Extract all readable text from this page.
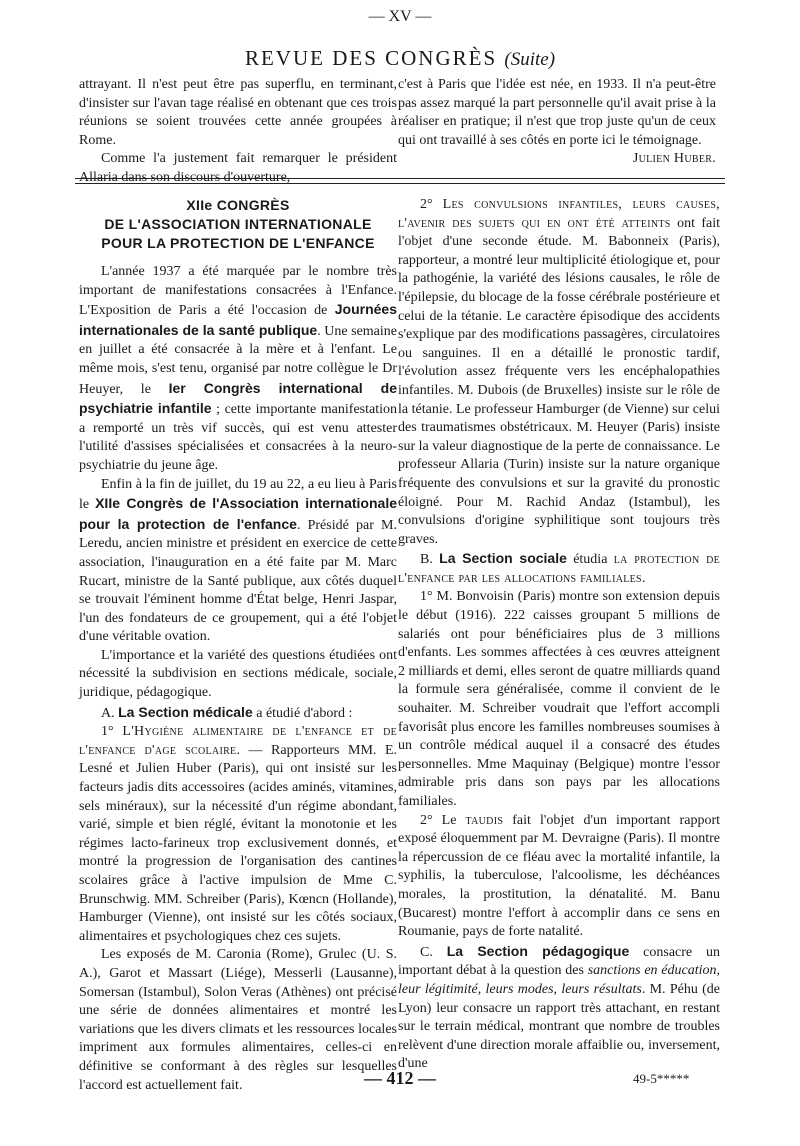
— XV —
REVUE DES CONGRÈS (Suite)

attrayant. Il n'est peut être pas superflu, en terminant, d'insister sur l'avan tage réalisé en obtenant que ces trois réunions se soient trouvées cette année groupées à Rome.

Comme l'a justement fait remarquer le président Allaria dans son discours d'ouverture,

c'est à Paris que l'idée est née, en 1933. Il n'a peut-être pas assez marqué la part personnelle qu'il avait prise à la réaliser en pratique; il n'est que trop juste qu'un de ceux qui ont travaillé à ses côtés en porte ici le témoignage.

Julien Huber.

XIIe CONGRÈS
DE L'ASSOCIATION INTERNATIONALE
POUR LA PROTECTION DE L'ENFANCE

L'année 1937 a été marquée par le nombre très important de manifestations consacrées à l'Enfance. L'Exposition de Paris a été l'occasion de Journées internationales de la santé publique. Une semaine en juillet a été consacrée à la mère et à l'enfant. Le même mois, s'est tenu, organisé par notre collègue le Dr Heuyer, le Ier Congrès international de psychiatrie infantile ; cette importante manifestation a remporté un très vif succès, qui est venu attester l'utilité d'assises spécialisées et consacrées à la neuro-psychiatrie du jeune âge.

Enfin à la fin de juillet, du 19 au 22, a eu lieu à Paris le XIIe Congrès de l'Association internationale pour la protection de l'enfance. Présidé par M. Leredu, ancien ministre et président en exercice de cette association, l'inauguration en a été faite par M. Marc Rucart, ministre de la Santé publique, aux côtés duquel se trouvait l'éminent homme d'État belge, Henri Jaspar, l'un des fondateurs de ce groupement, qui a été l'objet d'une véritable ovation.

L'importance et la variété des questions étudiées ont nécessité la subdivision en sections médicale, sociale, juridique, pédagogique.

A. La Section médicale a étudié d'abord :

1° L'Hygiène alimentaire de l'enfance et de l'enfance d'age scolaire. — Rapporteurs MM. E. Lesné et Julien Huber (Paris), qui ont insisté sur les facteurs jadis dits accessoires (acides aminés, vitamines, sels minéraux), sur la nécessité d'un régime abondant, varié, simple et bien réglé, évitant la monotonie et les régimes lacto-farineux trop exclusivement donnés, et montré la progression de l'organisation des cantines scolaires grâce à l'active impulsion de Mme C. Brunschwig. MM. Schreiber (Paris), Kœncn (Hollande), Hamburger (Vienne), ont insisté sur les côtés sociaux, alimentaires et psychologiques chez ces sujets.

Les exposés de M. Caronia (Rome), Grulec (U. S. A.), Garot et Massart (Liége), Messerli (Lausanne), Somersan (Istambul), Solon Veras (Athènes) ont précisé une série de données alimentaires et montré les variations que les divers climats et les ressources locales impriment aux formules alimentaires, celles-ci en définitive se conformant à des règles sur lesquelles l'accord est actuellement fait.

2° Les convulsions infantiles, leurs causes, l'avenir des sujets qui en ont été atteints ont fait l'objet d'une seconde étude. M. Babonneix (Paris), rapporteur, a montré leur multiplicité étiologique et, pour la pathogénie, la variété des lésions causales, le rôle de l'épilepsie, du blocage de la fosse cérébrale postérieure et celui de la tétanie. Le caractère épisodique des accidents s'explique par des modifications passagères, circulatoires ou sanguines. Il en a détaillé le pronostic tardif, l'évolution assez fréquente vers les encéphalopathies infantiles. M. Dubois (de Bruxelles) insiste sur le rôle de la tétanie. Le professeur Hamburger (de Vienne) sur celui des traumatismes obstétricaux. M. Heuyer (Paris) insiste sur la valeur diagnostique de la perte de connaissance. Le professeur Allaria (Turin) insiste sur la nature organique fréquente des convulsions et sur la gravité du pronostic éloigné. Pour M. Rachid Andaz (Istambul), les convulsions d'origine syphilitique sont toujours très graves.

B. La Section sociale étudia la protection de l'enfance par les allocations familiales.

1° M. Bonvoisin (Paris) montre son extension depuis le début (1916). 222 caisses groupant 5 millions de salariés ont pour bénéficiaires plus de 3 millions d'enfants. Les sommes affectées à ces œuvres atteignent 2 milliards et demi, elles seront de quatre milliards quand la formule sera généralisée, comme il convient de le souhaiter. M. Schreiber voudrait que l'effort accompli favorisât plus encore les familles nombreuses soumises à un contrôle médical auquel il a consacré des études personnelles. Mme Maquinay (Belgique) montre l'essor admirable pris dans son pays par les allocations familiales.

2° Le taudis fait l'objet d'un important rapport exposé éloquemment par M. Devraigne (Paris). Il montre la répercussion de ce fléau avec la mortalité infantile, la syphilis, la tuberculose, l'alcoolisme, les déchéances morales, la prostitution, la dénatalité. M. Banu (Bucarest) montre l'effort à accomplir dans ce sens en Roumanie, pays de forte natalité.

C. La Section pédagogique consacre un important débat à la question des sanctions en éducation, leur légitimité, leurs modes, leurs résultats. M. Péhu (de Lyon) leur consacre un rapport très attachant, en restant sur le terrain médical, montrant que nombre de troubles relèvent d'une direction morale affaiblie ou, inversement, d'une

— 412 —	49-5*****
